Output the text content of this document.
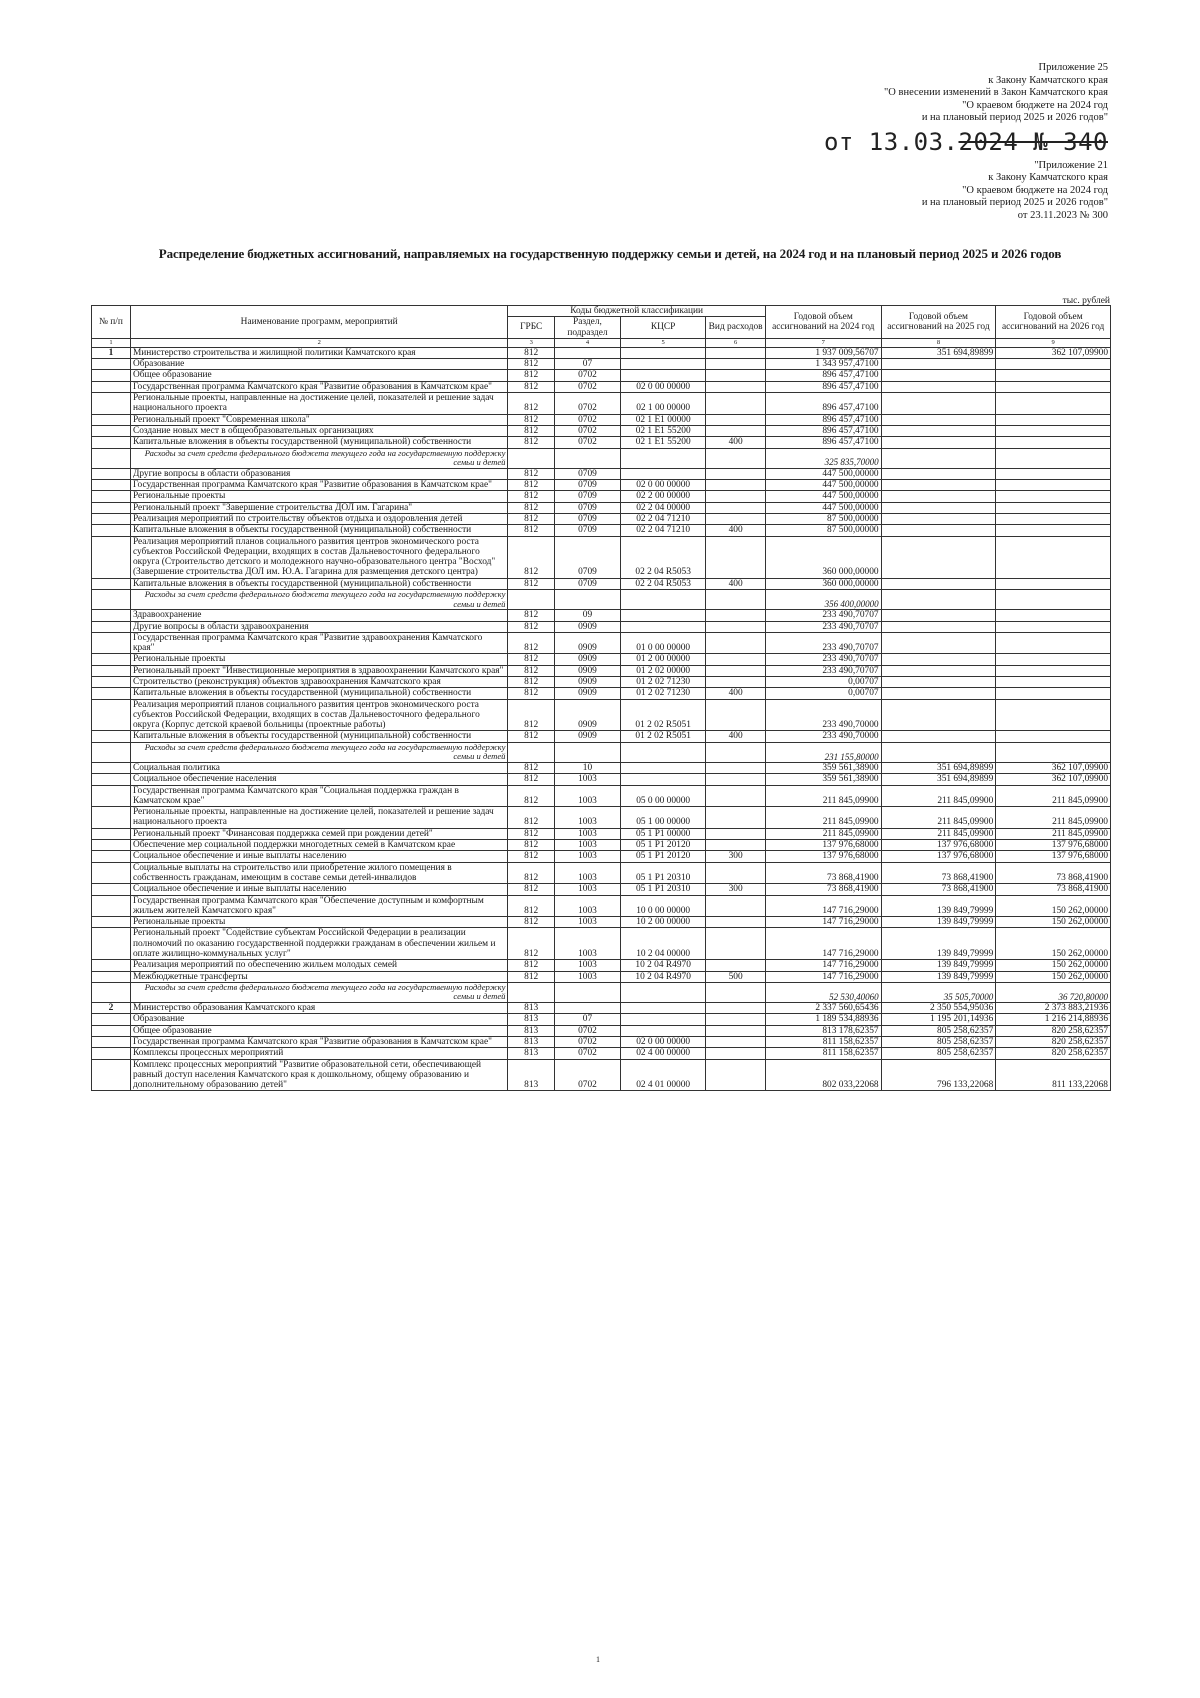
Приложение 25
к Закону Камчатского края
"О внесении изменений в Закон Камчатского края
"О краевом бюджете на 2024 год
и на плановый период 2025 и 2026 годов"
от 13.03.2024 № 340
"Приложение 21
к Закону Камчатского края
"О краевом бюджете на 2024 год
и на плановый период 2025 и 2026 годов"
от 23.11.2023 № 300
Распределение бюджетных ассигнований, направляемых на государственную поддержку семьи и детей, на 2024 год и на плановый период 2025 и 2026 годов
тыс. рублей
№ п/п	Наименование программ, мероприятий	Коды бюджетной классификации				Годовой объем ассигнований на 2024 год	Годовой объем ассигнований на 2025 год	Годовой объем ассигнований на 2026 год
		ГРБС	Раздел, подраздел	КЦСР	Вид расходов			
1	2	3	4	5	6	7	8	9
1	Министерство строительства и жилищной политики Камчатского края	812				1 937 009,56707	351 694,89899	362 107,09900
	Образование	812	07			1 343 957,47100		
	Общее образование	812	0702			896 457,47100		
	Государственная программа Камчатского края "Развитие образования в Камчатском крае"	812	0702	02 0 00 00000		896 457,47100		
	Региональные проекты, направленные на достижение целей, показателей и решение задач национального проекта	812	0702	02 1 00 00000		896 457,47100		
	Региональный проект "Современная школа"	812	0702	02 1 E1 00000		896 457,47100		
	Создание новых мест в общеобразовательных организациях	812	0702	02 1 E1 55200		896 457,47100		
	Капитальные вложения в объекты государственной (муниципальной) собственности	812	0702	02 1 E1 55200	400	896 457,47100		
	Расходы за счет средств федерального бюджета текущего года на государственную поддержку семьи и детей					325 835,70000		
	Другие вопросы в области образования	812	0709			447 500,00000		
	Государственная программа Камчатского края "Развитие образования в Камчатском крае"	812	0709	02 0 00 00000		447 500,00000		
	Региональные проекты	812	0709	02 2 00 00000		447 500,00000		
	Региональный проект "Завершение строительства ДОЛ им. Гагарина"	812	0709	02 2 04 00000		447 500,00000		
	Реализация мероприятий по строительству объектов отдыха и оздоровления детей	812	0709	02 2 04 71210		87 500,00000		
	Капитальные вложения в объекты государственной (муниципальной) собственности	812	0709	02 2 04 71210	400	87 500,00000		
	Реализация мероприятий планов социального развития центров экономического роста субъектов Российской Федерации, входящих в состав Дальневосточного федерального округа (Строительство детского и молодежного научно-образовательного центра "Восход" (Завершение строительства ДОЛ им. Ю.А. Гагарина для размещения детского центра)	812	0709	02 2 04 R5053		360 000,00000		
	Капитальные вложения в объекты государственной (муниципальной) собственности	812	0709	02 2 04 R5053	400	360 000,00000		
	Расходы за счет средств федерального бюджета текущего года на государственную поддержку семьи и детей					356 400,00000		
	Здравоохранение	812	09			233 490,70707		
	Другие вопросы в области здравоохранения	812	0909			233 490,70707		
	Государственная программа Камчатского края "Развитие здравоохранения Камчатского края"	812	0909	01 0 00 00000		233 490,70707		
	Региональные проекты	812	0909	01 2 00 00000		233 490,70707		
	Региональный проект "Инвестиционные мероприятия в здравоохранении Камчатского края"	812	0909	01 2 02 00000		233 490,70707		
	Строительство (реконструкция) объектов здравоохранения Камчатского края	812	0909	01 2 02 71230		0,00707		
	Капитальные вложения в объекты государственной (муниципальной) собственности	812	0909	01 2 02 71230	400	0,00707		
	Реализация мероприятий планов социального развития центров экономического роста субъектов Российской Федерации, входящих в состав Дальневосточного федерального округа (Корпус детской краевой больницы (проектные работы)	812	0909	01 2 02 R5051		233 490,70000		
	Капитальные вложения в объекты государственной (муниципальной) собственности	812	0909	01 2 02 R5051	400	233 490,70000		
	Расходы за счет средств федерального бюджета текущего года на государственную поддержку семьи и детей					231 155,80000		
	Социальная политика	812	10			359 561,38900	351 694,89899	362 107,09900
	Социальное обеспечение населения	812	1003			359 561,38900	351 694,89899	362 107,09900
	Государственная программа Камчатского края "Социальная поддержка граждан в Камчатском крае"	812	1003	05 0 00 00000		211 845,09900	211 845,09900	211 845,09900
	Региональные проекты, направленные на достижение целей, показателей и решение задач национального проекта	812	1003	05 1 00 00000		211 845,09900	211 845,09900	211 845,09900
	Региональный проект "Финансовая поддержка семей при рождении детей"	812	1003	05 1 P1 00000		211 845,09900	211 845,09900	211 845,09900
	Обеспечение мер социальной поддержки многодетных семей в Камчатском крае	812	1003	05 1 P1 20120		137 976,68000	137 976,68000	137 976,68000
	Социальное обеспечение и иные выплаты населению	812	1003	05 1 P1 20120	300	137 976,68000	137 976,68000	137 976,68000
	Социальные выплаты на строительство или приобретение жилого помещения в собственность гражданам, имеющим в составе семьи детей-инвалидов	812	1003	05 1 P1 20310		73 868,41900	73 868,41900	73 868,41900
	Социальное обеспечение и иные выплаты населению	812	1003	05 1 P1 20310	300	73 868,41900	73 868,41900	73 868,41900
	Государственная программа Камчатского края "Обеспечение доступным и комфортным жильем жителей Камчатского края"	812	1003	10 0 00 00000		147 716,29000	139 849,79999	150 262,00000
	Региональные проекты	812	1003	10 2 00 00000		147 716,29000	139 849,79999	150 262,00000
	Региональный проект "Содействие субъектам Российской Федерации в реализации полномочий по оказанию государственной поддержки гражданам в обеспечении жильем и оплате жилищно-коммунальных услуг"	812	1003	10 2 04 00000		147 716,29000	139 849,79999	150 262,00000
	Реализация мероприятий по обеспечению жильем молодых семей	812	1003	10 2 04 R4970		147 716,29000	139 849,79999	150 262,00000
	Межбюджетные трансферты	812	1003	10 2 04 R4970	500	147 716,29000	139 849,79999	150 262,00000
	Расходы за счет средств федерального бюджета текущего года на государственную поддержку семьи и детей					52 530,40060	35 505,70000	36 720,80000
2	Министерство образования Камчатского края	813				2 337 560,65436	2 350 554,95036	2 373 883,21936
	Образование	813	07			1 189 534,88936	1 195 201,14936	1 216 214,88936
	Общее образование	813	0702			813 178,62357	805 258,62357	820 258,62357
	Государственная программа Камчатского края "Развитие образования в Камчатском крае"	813	0702	02 0 00 00000		811 158,62357	805 258,62357	820 258,62357
	Комплексы процессных мероприятий	813	0702	02 4 00 00000		811 158,62357	805 258,62357	820 258,62357
	Комплекс процессных мероприятий "Развитие образовательной сети, обеспечивающей равный доступ населения Камчатского края к дошкольному, общему образованию и дополнительному образованию детей"	813	0702	02 4 01 00000		802 033,22068	796 133,22068	811 133,22068
1
